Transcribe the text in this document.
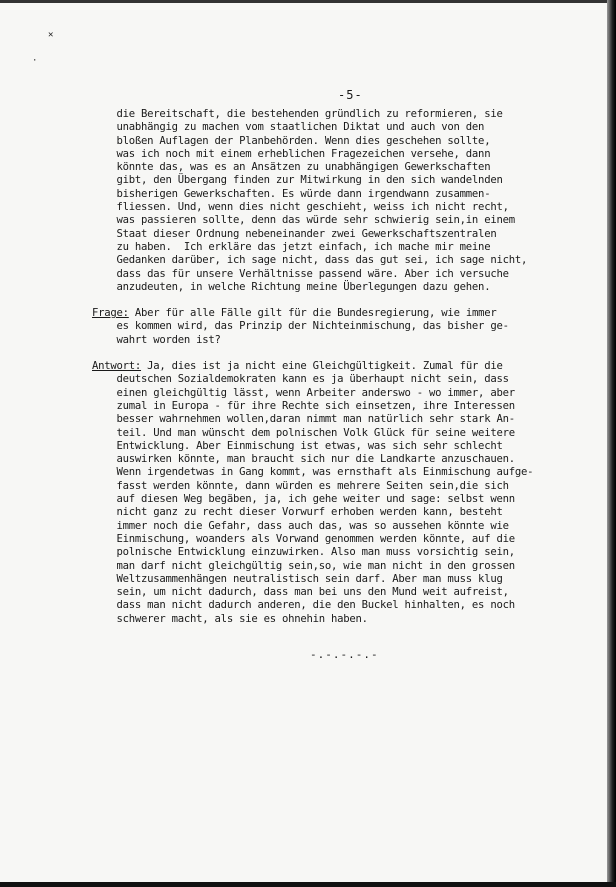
✕
·
-5-
die Bereitschaft, die bestehenden gründlich zu reformieren, sie
unabhängig zu machen vom staatlichen Diktat und auch von den
bloßen Auflagen der Planbehörden. Wenn dies geschehen sollte,
was ich noch mit einem erheblichen Fragezeichen versehe, dann
könnte das, was es an Ansätzen zu unabhängigen Gewerkschaften
gibt, den Übergang finden zur Mitwirkung in den sich wandelnden
bisherigen Gewerkschaften. Es würde dann irgendwann zusammen-
fliessen. Und, wenn dies nicht geschieht, weiss ich nicht recht,
was passieren sollte, denn das würde sehr schwierig sein,in einem
Staat dieser Ordnung nebeneinander zwei Gewerkschaftszentralen
zu haben.  Ich erkläre das jetzt einfach, ich mache mir meine
Gedanken darüber, ich sage nicht, dass das gut sei, ich sage nicht,
dass das für unsere Verhältnisse passend wäre. Aber ich versuche
anzudeuten, in welche Richtung meine Überlegungen dazu gehen.
Frage: Aber für alle Fälle gilt für die Bundesregierung, wie immer
es kommen wird, das Prinzip der Nichteinmischung, das bisher ge-
wahrt worden ist?
Antwort: Ja, dies ist ja nicht eine Gleichgültigkeit. Zumal für die
deutschen Sozialdemokraten kann es ja überhaupt nicht sein, dass
einen gleichgültig lässt, wenn Arbeiter anderswo - wo immer, aber
zumal in Europa - für ihre Rechte sich einsetzen, ihre Interessen
besser wahrnehmen wollen,daran nimmt man natürlich sehr stark An-
teil. Und man wünscht dem polnischen Volk Glück für seine weitere
Entwicklung. Aber Einmischung ist etwas, was sich sehr schlecht
auswirken könnte, man braucht sich nur die Landkarte anzuschauen.
Wenn irgendetwas in Gang kommt, was ernsthaft als Einmischung aufge-
fasst werden könnte, dann würden es mehrere Seiten sein,die sich
auf diesen Weg begäben, ja, ich gehe weiter und sage: selbst wenn
nicht ganz zu recht dieser Vorwurf erhoben werden kann, besteht
immer noch die Gefahr, dass auch das, was so aussehen könnte wie
Einmischung, woanders als Vorwand genommen werden könnte, auf die
polnische Entwicklung einzuwirken. Also man muss vorsichtig sein,
man darf nicht gleichgültig sein,so, wie man nicht in den grossen
Weltzusammenhängen neutralistisch sein darf. Aber man muss klug
sein, um nicht dadurch, dass man bei uns den Mund weit aufreist,
dass man nicht dadurch anderen, die den Buckel hinhalten, es noch
schwerer macht, als sie es ohnehin haben.
-.-.-.-.-
